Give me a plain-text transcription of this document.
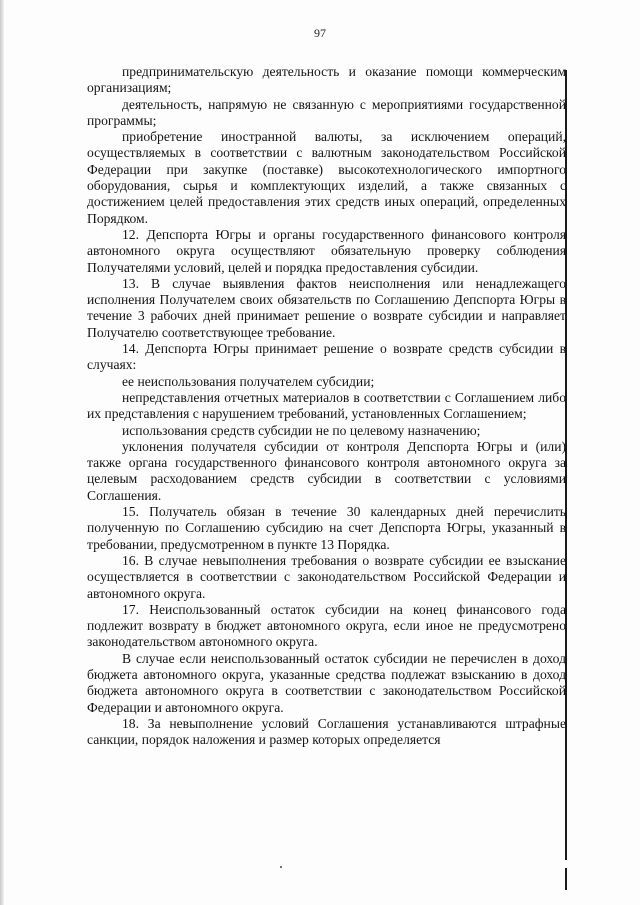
97

предпринимательскую деятельность и оказание помощи коммерческим организациям;

деятельность, напрямую не связанную с мероприятиями государственной программы;

приобретение иностранной валюты, за исключением операций, осуществляемых в соответствии с валютным законодательством Российской Федерации при закупке (поставке) высокотехнологического импортного оборудования, сырья и комплектующих изделий, а также связанных с достижением целей предоставления этих средств иных операций, определенных Порядком.

12. Депспорта Югры и органы государственного финансового контроля автономного округа осуществляют обязательную проверку соблюдения Получателями условий, целей и порядка предоставления субсидии.

13. В случае выявления фактов неисполнения или ненадлежащего исполнения Получателем своих обязательств по Соглашению Депспорта Югры в течение 3 рабочих дней принимает решение о возврате субсидии и направляет Получателю соответствующее требование.

14. Депспорта Югры принимает решение о возврате средств субсидии в случаях:

ее неиспользования получателем субсидии;

непредставления отчетных материалов в соответствии с Соглашением либо их представления с нарушением требований, установленных Соглашением;

использования средств субсидии не по целевому назначению;

уклонения получателя субсидии от контроля Депспорта Югры и (или) также органа государственного финансового контроля автономного округа за целевым расходованием средств субсидии в соответствии с условиями Соглашения.

15. Получатель обязан в течение 30 календарных дней перечислить полученную по Соглашению субсидию на счет Депспорта Югры, указанный в требовании, предусмотренном в пункте 13 Порядка.

16. В случае невыполнения требования о возврате субсидии ее взыскание осуществляется в соответствии с законодательством Российской Федерации и автономного округа.

17. Неиспользованный остаток субсидии на конец финансового года подлежит возврату в бюджет автономного округа, если иное не предусмотрено законодательством автономного округа.

В случае если неиспользованный остаток субсидии не перечислен в доход бюджета автономного округа, указанные средства подлежат взысканию в доход бюджета автономного округа в соответствии с законодательством Российской Федерации и автономного округа.

18. За невыполнение условий Соглашения устанавливаются штрафные санкции, порядок наложения и размер которых определяется
